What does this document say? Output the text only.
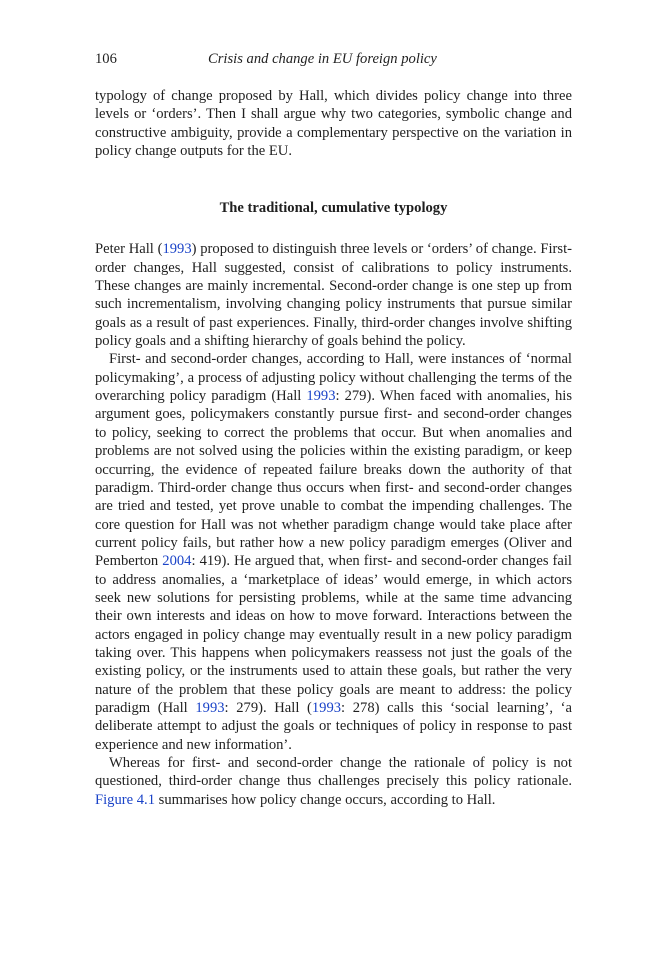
106	Crisis and change in EU foreign policy

typology of change proposed by Hall, which divides policy change into three levels or ‘orders’. Then I shall argue why two categories, symbolic change and constructive ambiguity, provide a complementary perspective on the variation in policy change outputs for the EU.

The traditional, cumulative typology

Peter Hall (1993) proposed to distinguish three levels or ‘orders’ of change. First-order changes, Hall suggested, consist of calibrations to policy instruments. These changes are mainly incremental. Second-order change is one step up from such incrementalism, involving changing policy instruments that pursue similar goals as a result of past experiences. Finally, third-order changes involve shifting policy goals and a shifting hierarchy of goals behind the policy.

First- and second-order changes, according to Hall, were instances of ‘normal policymaking’, a process of adjusting policy without challenging the terms of the overarching policy paradigm (Hall 1993: 279). When faced with anomalies, his argument goes, policymakers constantly pursue first- and second-order changes to policy, seeking to correct the problems that occur. But when anomalies and problems are not solved using the policies within the existing paradigm, or keep occurring, the evidence of repeated failure breaks down the authority of that paradigm. Third-order change thus occurs when first- and second-order changes are tried and tested, yet prove unable to combat the impending challenges. The core question for Hall was not whether paradigm change would take place after current policy fails, but rather how a new policy paradigm emerges (Oliver and Pemberton 2004: 419). He argued that, when first- and second-order changes fail to address anomalies, a ‘marketplace of ideas’ would emerge, in which actors seek new solutions for persisting problems, while at the same time advancing their own interests and ideas on how to move forward. Interactions between the actors engaged in policy change may eventually result in a new policy paradigm taking over. This happens when policymakers reassess not just the goals of the existing policy, or the instruments used to attain these goals, but rather the very nature of the problem that these policy goals are meant to address: the policy paradigm (Hall 1993: 279). Hall (1993: 278) calls this ‘social learning’, ‘a deliberate attempt to adjust the goals or techniques of policy in response to past experience and new information’.

Whereas for first- and second-order change the rationale of policy is not questioned, third-order change thus challenges precisely this policy rationale. Figure 4.1 summarises how policy change occurs, according to Hall.
